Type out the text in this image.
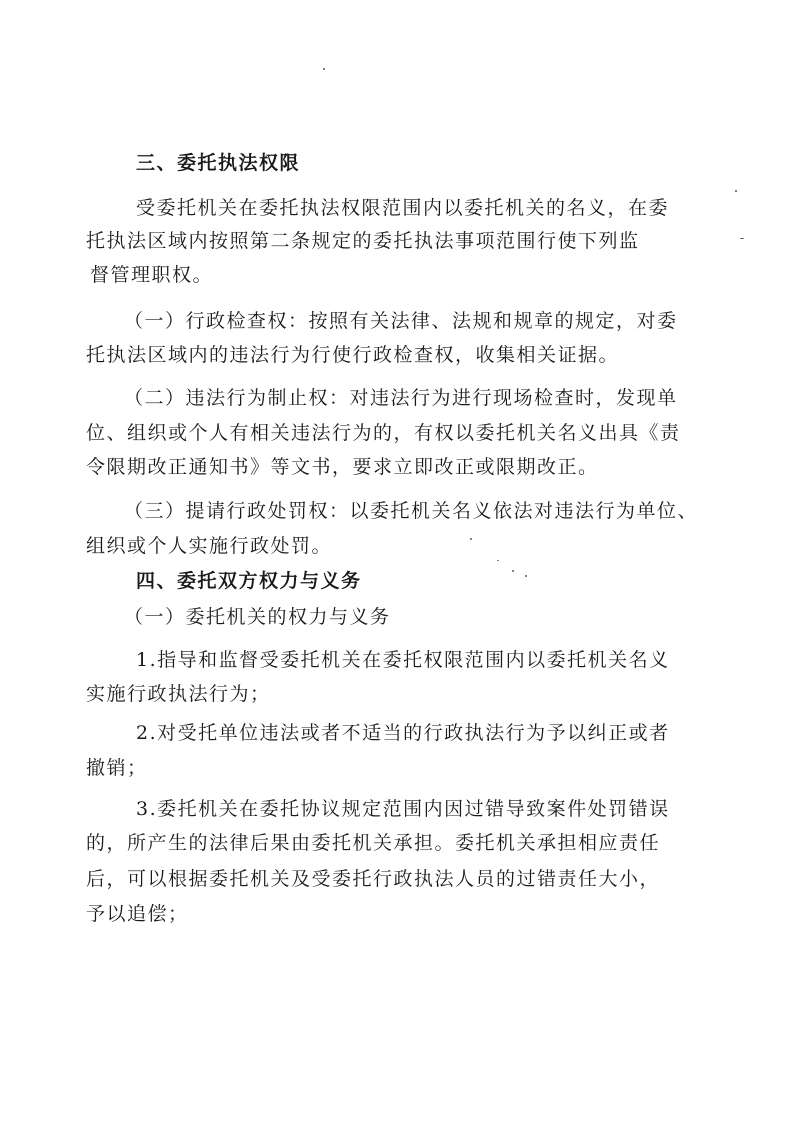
三、委托执法权限
受委托机关在委托执法权限范围内以委托机关的名义，在委
托执法区域内按照第二条规定的委托执法事项范围行使下列监
督管理职权。
（一）行政检查权：按照有关法律、法规和规章的规定，对委
托执法区域内的违法行为行使行政检查权，收集相关证据。
（二）违法行为制止权：对违法行为进行现场检查时，发现单
位、组织或个人有相关违法行为的，有权以委托机关名义出具《责
令限期改正通知书》等文书，要求立即改正或限期改正。
（三）提请行政处罚权：以委托机关名义依法对违法行为单位、
组织或个人实施行政处罚。
四、委托双方权力与义务
（一）委托机关的权力与义务
1.指导和监督受委托机关在委托权限范围内以委托机关名义
实施行政执法行为；
2.对受托单位违法或者不适当的行政执法行为予以纠正或者
撤销；
3.委托机关在委托协议规定范围内因过错导致案件处罚错误
的，所产生的法律后果由委托机关承担。委托机关承担相应责任
后，可以根据委托机关及受委托行政执法人员的过错责任大小，
予以追偿；
